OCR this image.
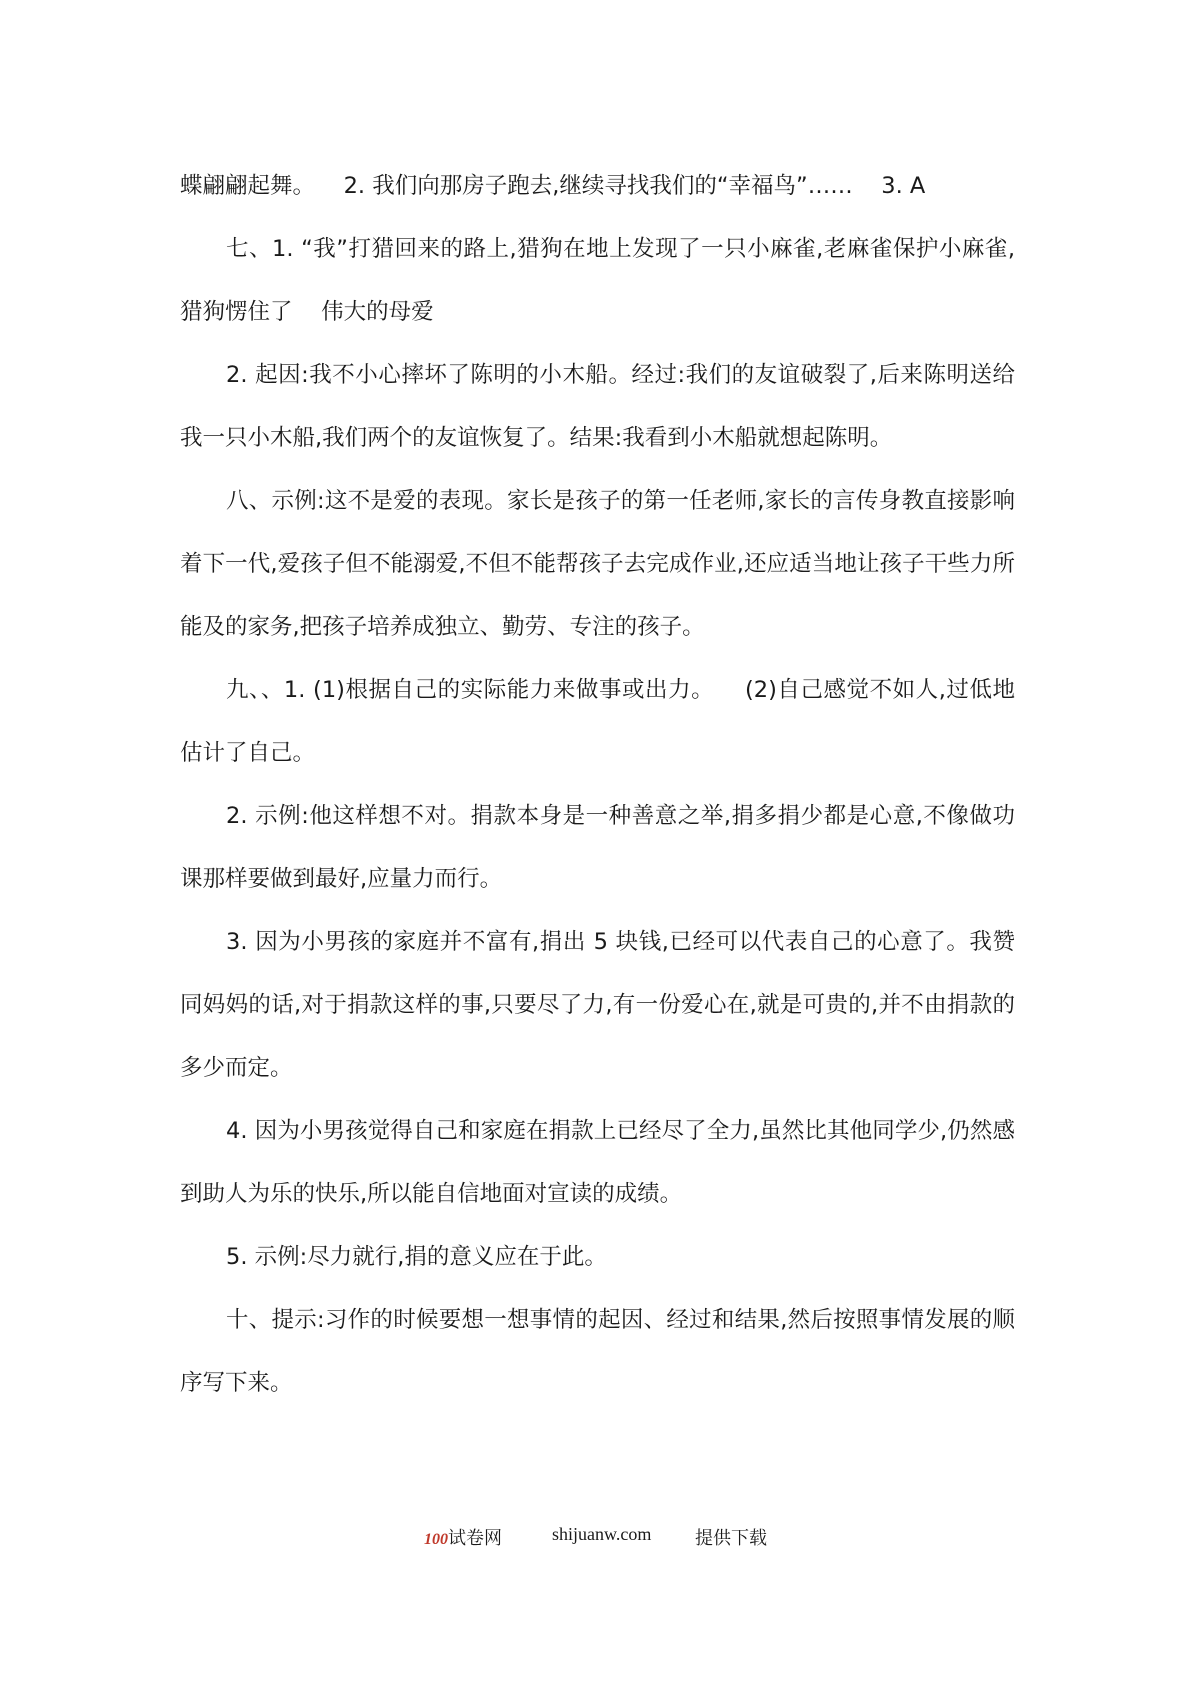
蝶翩翩起舞。    2. 我们向那房子跑去,继续寻找我们的“幸福鸟”……    3. A

七、1. “我”打猎回来的路上,猎狗在地上发现了一只小麻雀,老麻雀保护小麻雀,猎狗愣住了    伟大的母爱

2. 起因:我不小心摔坏了陈明的小木船。经过:我们的友谊破裂了,后来陈明送给我一只小木船,我们两个的友谊恢复了。结果:我看到小木船就想起陈明。

八、示例:这不是爱的表现。家长是孩子的第一任老师,家长的言传身教直接影响着下一代,爱孩子但不能溺爱,不但不能帮孩子去完成作业,还应适当地让孩子干些力所能及的家务,把孩子培养成独立、勤劳、专注的孩子。

九、、1. (1)根据自己的实际能力来做事或出力。    (2)自己感觉不如人,过低地估计了自己。

2. 示例:他这样想不对。捐款本身是一种善意之举,捐多捐少都是心意,不像做功课那样要做到最好,应量力而行。

3. 因为小男孩的家庭并不富有,捐出 5 块钱,已经可以代表自己的心意了。我赞同妈妈的话,对于捐款这样的事,只要尽了力,有一份爱心在,就是可贵的,并不由捐款的多少而定。

4. 因为小男孩觉得自己和家庭在捐款上已经尽了全力,虽然比其他同学少,仍然感到助人为乐的快乐,所以能自信地面对宣读的成绩。

5. 示例:尽力就行,捐的意义应在于此。

十、提示:习作的时候要想一想事情的起因、经过和结果,然后按照事情发展的顺序写下来。

100试卷网	shijuanw.com 提供下载
